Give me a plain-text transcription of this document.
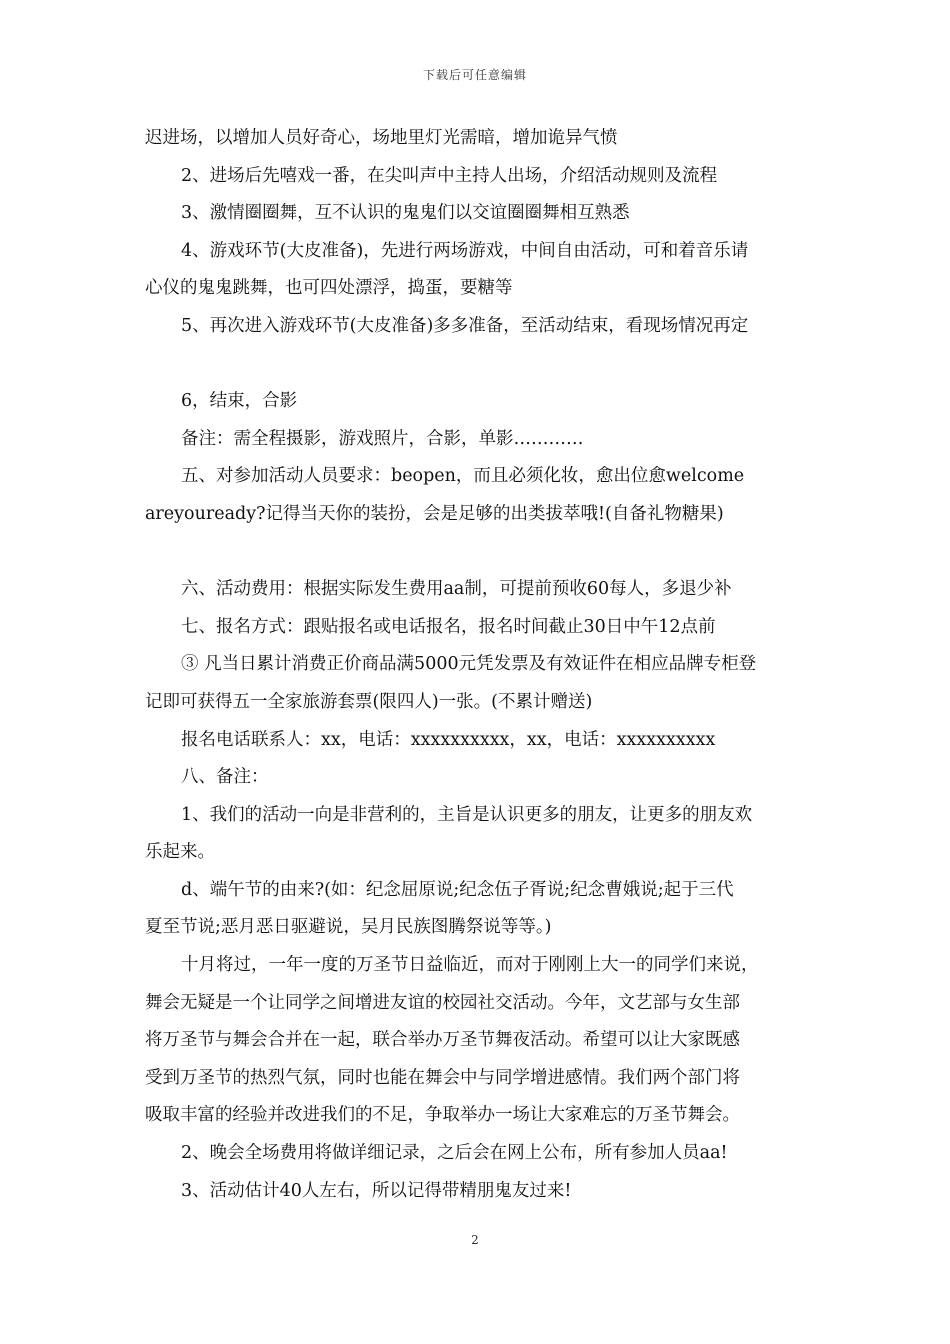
下载后可任意编辑
迟进场，以增加人员好奇心，场地里灯光需暗，增加诡异气愤
2、进场后先嘻戏一番，在尖叫声中主持人出场，介绍活动规则及流程
3、激情圈圈舞，互不认识的鬼鬼们以交谊圈圈舞相互熟悉
4、游戏环节(大皮准备)，先进行两场游戏，中间自由活动，可和着音乐请
心仪的鬼鬼跳舞，也可四处漂浮，捣蛋，要糖等
5、再次进入游戏环节(大皮准备)多多准备，至活动结束，看现场情况再定
6，结束，合影
备注：需全程摄影，游戏照片，合影，单影…………
五、对参加活动人员要求：beopen，而且必须化妆，愈出位愈welcome
areyouready?记得当天你的装扮，会是足够的出类拔萃哦!(自备礼物糖果)
六、活动费用：根据实际发生费用aa制，可提前预收60每人，多退少补
七、报名方式：跟贴报名或电话报名，报名时间截止30日中午12点前
③ 凡当日累计消费正价商品满5000元凭发票及有效证件在相应品牌专柜登
记即可获得五一全家旅游套票(限四人)一张。(不累计赠送)
报名电话联系人：xx，电话：xxxxxxxxxx，xx，电话：xxxxxxxxxx
八、备注：
1、我们的活动一向是非营利的，主旨是认识更多的朋友，让更多的朋友欢
乐起来。
d、端午节的由来?(如：纪念屈原说;纪念伍子胥说;纪念曹娥说;起于三代
夏至节说;恶月恶日驱避说，吴月民族图腾祭说等等。)
十月将过，一年一度的万圣节日益临近，而对于刚刚上大一的同学们来说，
舞会无疑是一个让同学之间增进友谊的校园社交活动。今年，文艺部与女生部
将万圣节与舞会合并在一起，联合举办万圣节舞夜活动。希望可以让大家既感
受到万圣节的热烈气氛，同时也能在舞会中与同学增进感情。我们两个部门将
吸取丰富的经验并改进我们的不足，争取举办一场让大家难忘的万圣节舞会。
2、晚会全场费用将做详细记录，之后会在网上公布，所有参加人员aa!
3、活动估计40人左右，所以记得带精朋鬼友过来!
2
